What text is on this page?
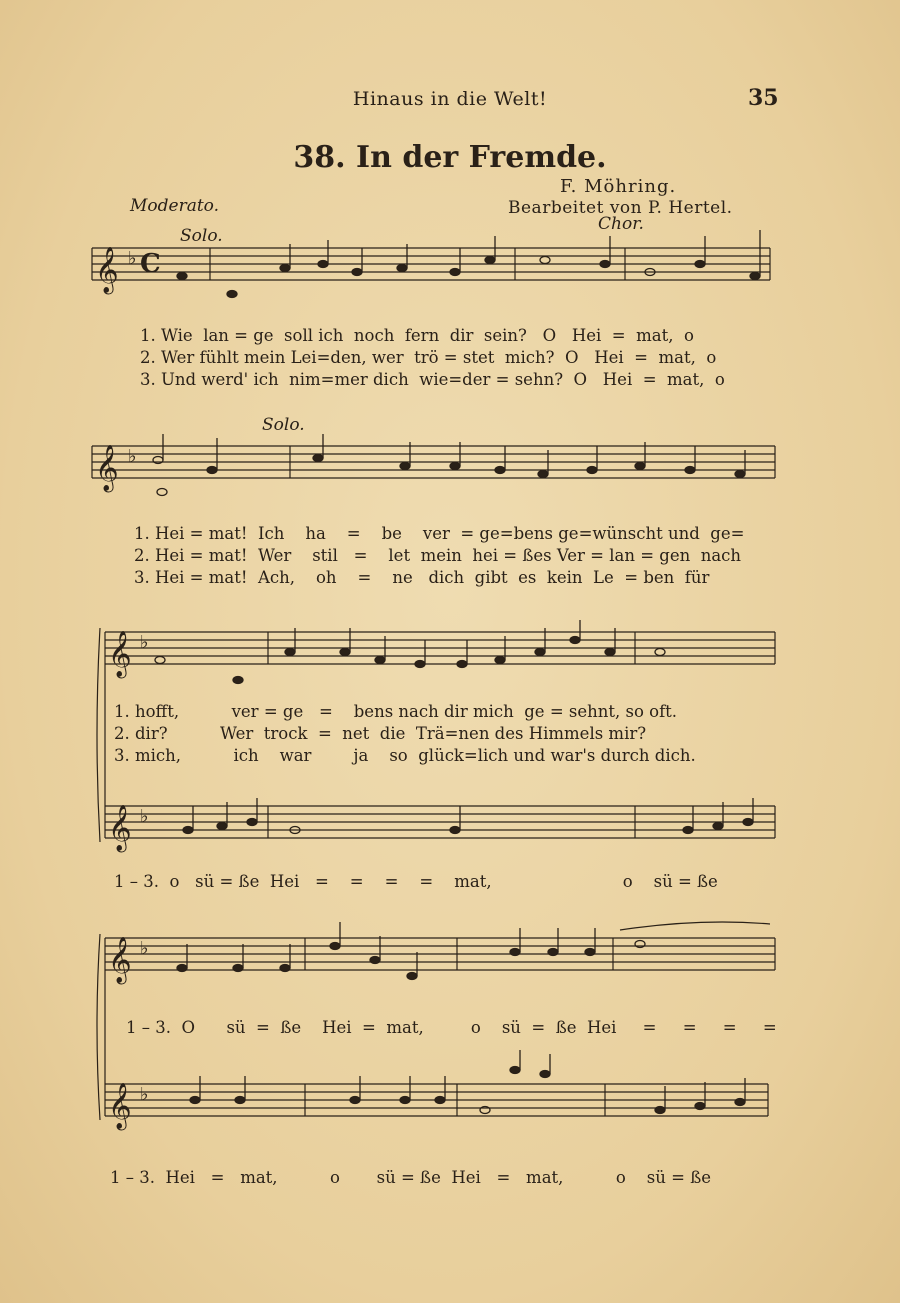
Hinaus in die Welt!	35
38. In der Fremde.
F. Möhring.
Moderato.	Bearbeitet von P. Hertel.
Solo.
Chor.
Solo.
𝄞 ♭ C
𝄞 ♭
𝄞 ♭
𝄞 ♭
𝄞 ♭
𝄞 ♭
1. Wie  lan = ge  soll ich  noch  fern  dir  sein?   O   Hei  =  mat,  o
2. Wer fühlt mein Lei=den, wer  trö = stet  mich?  O   Hei  =  mat,  o
3. Und werd' ich  nim=mer dich  wie=der = sehn?  O   Hei  =  mat,  o
1. Hei = mat!  Ich    ha    =    be    ver  = ge=bens ge=wünscht und  ge=
2. Hei = mat!  Wer    stil   =    let  mein  hei = ßes Ver = lan = gen  nach
3. Hei = mat!  Ach,    oh    =    ne   dich  gibt  es  kein  Le  = ben  für
1. hofft,          ver = ge   =    bens nach dir mich  ge = sehnt, so oft.
2. dir?          Wer  trock  =  net  die  Trä=nen des Himmels mir?
3. mich,          ich    war        ja    so  glück=lich und war's durch dich.
1 – 3.  o   sü = ße  Hei   =    =    =    =    mat,                         o    sü = ße
1 – 3.  O      sü  =  ße    Hei  =  mat,         o    sü  =  ße  Hei     =     =     =     =
1 – 3.  Hei   =   mat,          o       sü = ße  Hei   =   mat,          o    sü = ße
